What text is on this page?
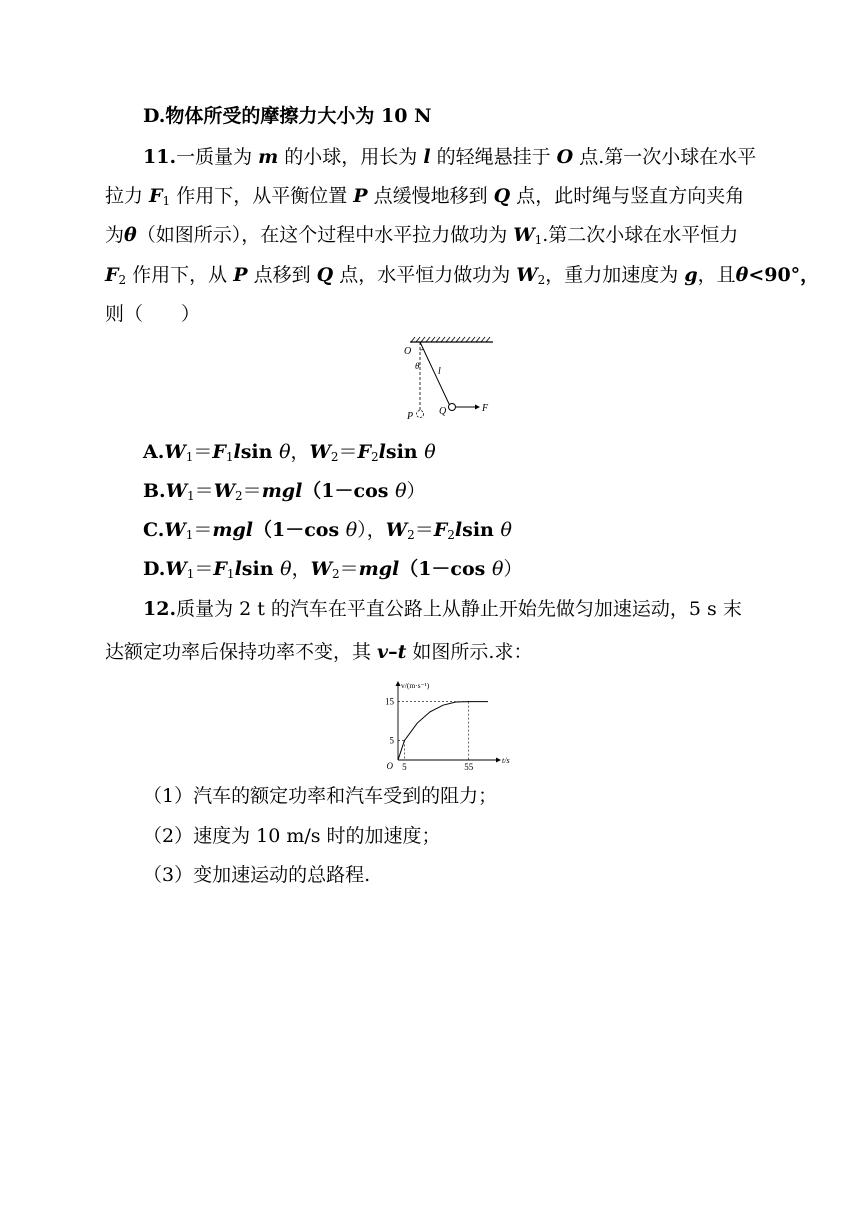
D.物体所受的摩擦力大小为 10 N
11.一质量为 m 的小球，用长为 l 的轻绳悬挂于 O 点.第一次小球在水平
拉力 $F_1$ 作用下，从平衡位置 P 点缓慢地移到 Q 点，此时绳与竖直方向夹角
为θ（如图所示），在这个过程中水平拉力做功为 $W_1$.第二次小球在水平恒力
$F_2$ 作用下，从 P 点移到 Q 点，水平恒力做功为 $W_2$，重力加速度为 g，且θ<90°，
则（　　）
O
θ l
P	Q	F
$A.W_1=F_1lsin$ θ，$W_2=F_2lsin$ θ
$B.W_1=W_2=mgl(1-\cos$ θ）
$C.W_1=mgl(1-\cos$ θ），$W_2=F_2lsin$ θ
$D.W_1=F_1lsin$ θ，$W_2=mgl(1-\cos$ θ）
12.质量为 2 t 的汽车在平直公路上从静止开始先做匀加速运动，5 s 末
达额定功率后保持功率不变，其 v–t 如图所示.求：
O 5	55
5
15
v/(m·s⁻¹)
t/s
（1）汽车的额定功率和汽车受到的阻力；
（2）速度为 10 m/s 时的加速度；
（3）变加速运动的总路程.
